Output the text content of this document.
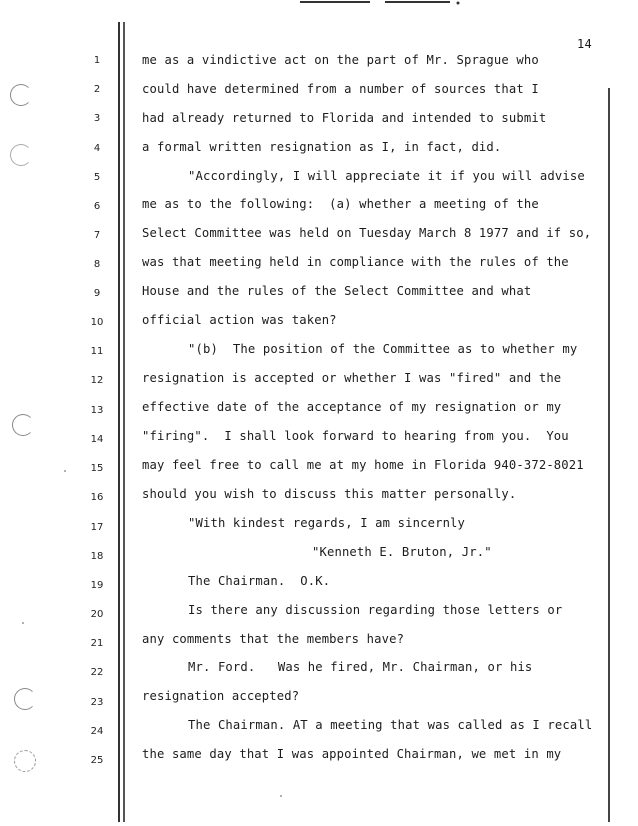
14
1
2
3
4
5
6
7
8
9
10
11
12
13
14
15
16
17
18
19
20
21
22
23
24
25
me as a vindictive act on the part of Mr. Sprague who
could have determined from a number of sources that I
had already returned to Florida and intended to submit
a formal written resignation as I, in fact, did.
"Accordingly, I will appreciate it if you will advise
me as to the following:  (a) whether a meeting of the
Select Committee was held on Tuesday March 8 1977 and if so,
was that meeting held in compliance with the rules of the
House and the rules of the Select Committee and what
official action was taken?
"(b)  The position of the Committee as to whether my
resignation is accepted or whether I was "fired" and the
effective date of the acceptance of my resignation or my
"firing".  I shall look forward to hearing from you.  You
may feel free to call me at my home in Florida 940-372-8021
should you wish to discuss this matter personally.
"With kindest regards, I am sincernly
"Kenneth E. Bruton, Jr."
The Chairman.  O.K.
Is there any discussion regarding those letters or
any comments that the members have?
Mr. Ford.   Was he fired, Mr. Chairman, or his
resignation accepted?
The Chairman. AT a meeting that was called as I recall
the same day that I was appointed Chairman, we met in my
